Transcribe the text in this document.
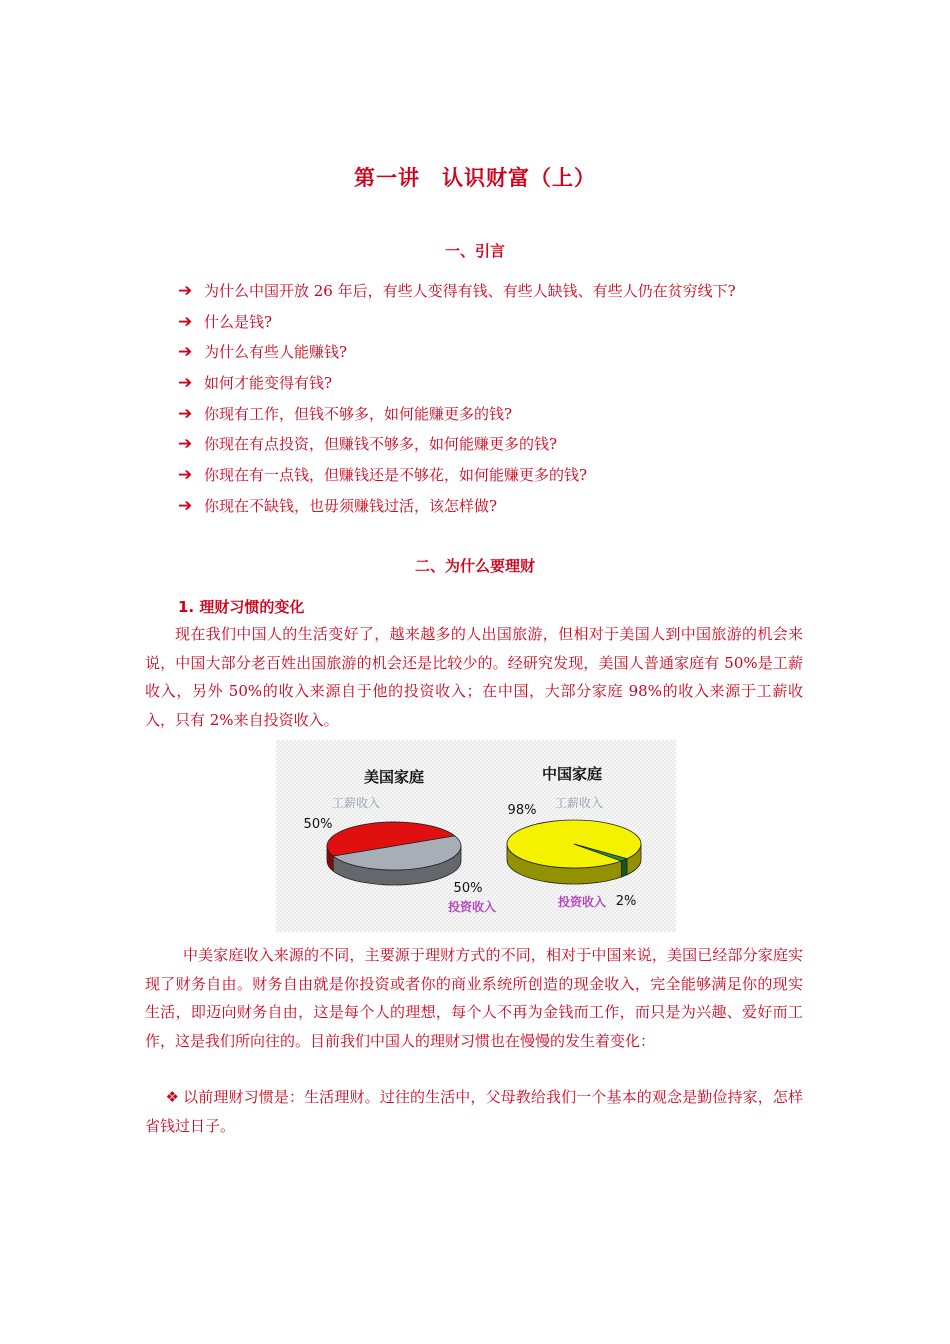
第一讲 认识财富（上）
一、引言
➔ 为什么中国开放 26 年后，有些人变得有钱、有些人缺钱、有些人仍在贫穷线下?
➔ 什么是钱?
➔ 为什么有些人能赚钱?
➔ 如何才能变得有钱?
➔ 你现有工作，但钱不够多，如何能赚更多的钱?
➔ 你现在有点投资，但赚钱不够多，如何能赚更多的钱?
➔ 你现在有一点钱，但赚钱还是不够花，如何能赚更多的钱?
➔ 你现在不缺钱，也毋须赚钱过活，该怎样做?
二、为什么要理财
1. 理财习惯的变化

现在我们中国人的生活变好了，越来越多的人出国旅游，但相对于美国人到中国旅游的机会来说，中国大部分老百姓出国旅游的机会还是比较少的。经研究发现，美国人普通家庭有 50%是工薪收入，另外 50%的收入来源自于他的投资收入；在中国，大部分家庭 98%的收入来源于工薪收入，只有 2%来自投资收入。

美国家庭
工薪收入
50%
50%
投资收入
中国家庭
98% 工薪收入
投资收入 2%

中美家庭收入来源的不同，主要源于理财方式的不同，相对于中国来说，美国已经部分家庭实现了财务自由。财务自由就是你投资或者你的商业系统所创造的现金收入，完全能够满足你的现实生活，即迈向财务自由，这是每个人的理想，每个人不再为金钱而工作，而只是为兴趣、爱好而工作，这是我们所向往的。目前我们中国人的理财习惯也在慢慢的发生着变化：

❖ 以前理财习惯是：生活理财。过往的生活中，父母教给我们一个基本的观念是勤俭持家，怎样省钱过日子。
